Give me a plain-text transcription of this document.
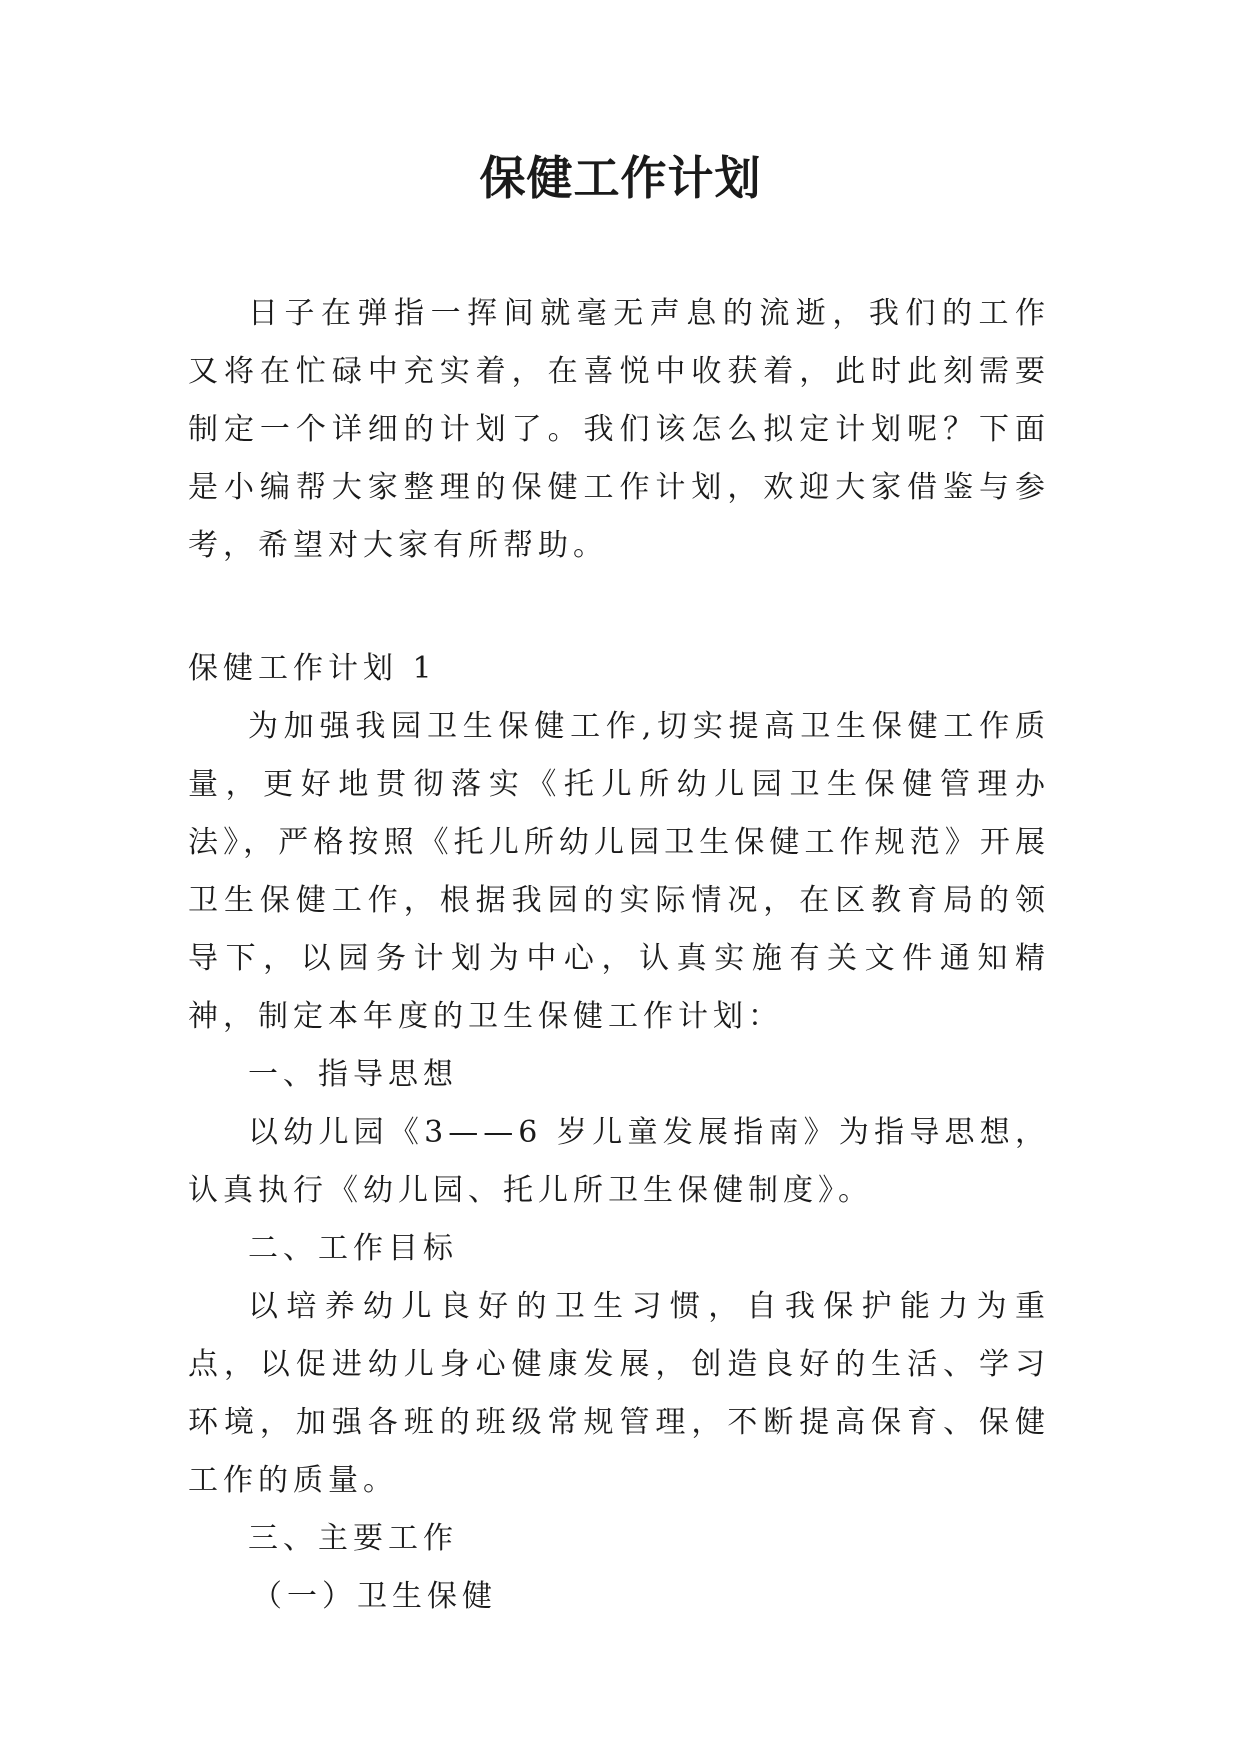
保健工作计划

日子在弹指一挥间就毫无声息的流逝，我们的工作又将在忙碌中充实着，在喜悦中收获着，此时此刻需要制定一个详细的计划了。我们该怎么拟定计划呢？下面是小编帮大家整理的保健工作计划，欢迎大家借鉴与参考，希望对大家有所帮助。

保健工作计划 1

为加强我园卫生保健工作,切实提高卫生保健工作质量，更好地贯彻落实《托儿所幼儿园卫生保健管理办法》，严格按照《托儿所幼儿园卫生保健工作规范》开展卫生保健工作，根据我园的实际情况，在区教育局的领导下，以园务计划为中心，认真实施有关文件通知精神，制定本年度的卫生保健工作计划：

一、指导思想

以幼儿园《3——6 岁儿童发展指南》为指导思想，认真执行《幼儿园、托儿所卫生保健制度》。

二、工作目标

以培养幼儿良好的卫生习惯，自我保护能力为重点，以促进幼儿身心健康发展，创造良好的生活、学习环境，加强各班的班级常规管理，不断提高保育、保健工作的质量。

三、主要工作

（一）卫生保健
